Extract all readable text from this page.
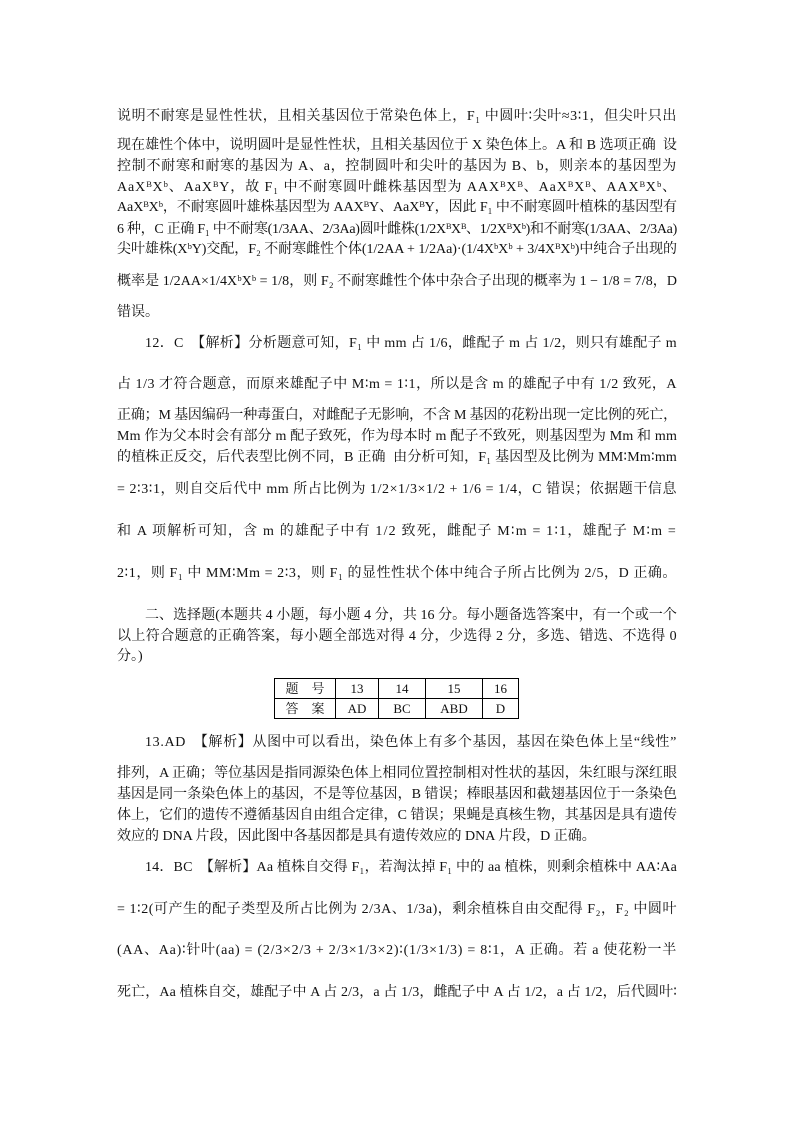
说明不耐寒是显性性状，且相关基因位于常染色体上，F₁ 中圆叶∶尖叶≈3∶1，但尖叶只出
现在雄性个体中，说明圆叶是显性性状，且相关基因位于 X 染色体上。A 和 B 选项正确  设
控制不耐寒和耐寒的基因为 A、a，控制圆叶和尖叶的基因为 B、b，则亲本的基因型为
AaXᴮXᵇ、AaXᴮY，故 F₁ 中不耐寒圆叶雌株基因型为 AAXᴮXᴮ、AaXᴮXᴮ、AAXᴮXᵇ、
AaXᴮXᵇ，不耐寒圆叶雄株基因型为 AAXᴮY、AaXᴮY，因此 F₁ 中不耐寒圆叶植株的基因型有
6 种，C 正确 F₁ 中不耐寒(1/3AA、2/3Aa)圆叶雌株(1/2XᴮXᴮ、1/2XᴮXᵇ)和不耐寒(1/3AA、2/3Aa)
尖叶雄株(XᵇY)交配，F₂ 不耐寒雌性个体(1/2AA + 1/2Aa)·(1/4XᵇXᵇ + 3/4XᴮXᵇ)中纯合子出现的
概率是 1/2AA×1/4XᵇXᵇ = 1/8，则 F₂ 不耐寒雌性个体中杂合子出现的概率为 1 − 1/8 = 7/8，D
错误。
12．C　【解析】分析题意可知，F₁ 中 mm 占 1/6，雌配子 m 占 1/2，则只有雄配子 m
占 1/3 才符合题意，而原来雄配子中 M∶m = 1∶1，所以是含 m 的雄配子中有 1/2 致死，A
正确；M 基因编码一种毒蛋白，对雌配子无影响，不含 M 基因的花粉出现一定比例的死亡，
Mm 作为父本时会有部分 m 配子致死，作为母本时 m 配子不致死，则基因型为 Mm 和 mm
的植株正反交，后代表型比例不同，B 正确  由分析可知，F₁ 基因型及比例为 MM∶Mm∶mm
= 2∶3∶1，则自交后代中 mm 所占比例为 1/2×1/3×1/2 + 1/6 = 1/4，C 错误；依据题干信息
和 A 项解析可知，含 m 的雄配子中有 1/2 致死，雌配子 M∶m = 1∶1，雄配子 M∶m =
2∶1，则 F₁ 中 MM∶Mm = 2∶3，则 F₁ 的显性性状个体中纯合子所占比例为 2/5，D 正确。
二、选择题(本题共 4 小题，每小题 4 分，共 16 分。每小题备选答案中，有一个或一个
以上符合题意的正确答案，每小题全部选对得 4 分，少选得 2 分，多选、错选、不选得 0
分。)
题　号	13	14	15	16
答　案	AD	BC	ABD	D
13.AD　【解析】从图中可以看出，染色体上有多个基因，基因在染色体上呈“线性”
排列，A 正确；等位基因是指同源染色体上相同位置控制相对性状的基因，朱红眼与深红眼
基因是同一条染色体上的基因，不是等位基因，B 错误；棒眼基因和截翅基因位于一条染色
体上，它们的遗传不遵循基因自由组合定律，C 错误；果蝇是真核生物，其基因是具有遗传
效应的 DNA 片段，因此图中各基因都是具有遗传效应的 DNA 片段，D 正确。
14．BC　【解析】Aa 植株自交得 F₁，若淘汰掉 F₁ 中的 aa 植株，则剩余植株中 AA∶Aa
= 1∶2(可产生的配子类型及所占比例为 2/3A、1/3a)，剩余植株自由交配得 F₂，F₂ 中圆叶
(AA、Aa)∶针叶(aa) = (2/3×2/3 + 2/3×1/3×2)∶(1/3×1/3) = 8∶1，A 正确。若 a 使花粉一半
死亡，Aa 植株自交，雄配子中 A 占 2/3，a 占 1/3，雌配子中 A 占 1/2，a 占 1/2，后代圆叶∶
